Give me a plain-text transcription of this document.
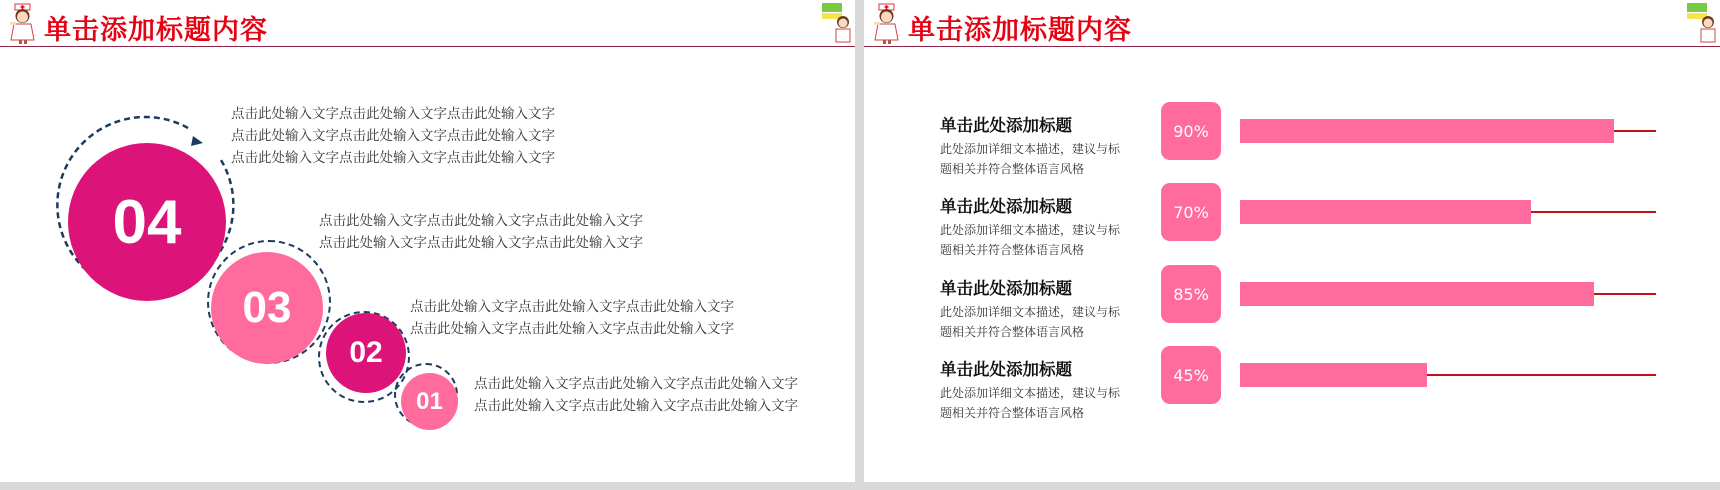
单击添加标题内容
04
03
02
01
点击此处输入文字点击此处输入文字点击此处输入文字
点击此处输入文字点击此处输入文字点击此处输入文字
点击此处输入文字点击此处输入文字点击此处输入文字
点击此处输入文字点击此处输入文字点击此处输入文字
点击此处输入文字点击此处输入文字点击此处输入文字
点击此处输入文字点击此处输入文字点击此处输入文字
点击此处输入文字点击此处输入文字点击此处输入文字
点击此处输入文字点击此处输入文字点击此处输入文字
点击此处输入文字点击此处输入文字点击此处输入文字
单击添加标题内容
单击此处添加标题
此处添加详细文本描述，建议与标
题相关并符合整体语言风格
90%
单击此处添加标题
此处添加详细文本描述，建议与标
题相关并符合整体语言风格
70%
单击此处添加标题
此处添加详细文本描述，建议与标
题相关并符合整体语言风格
85%
单击此处添加标题
此处添加详细文本描述，建议与标
题相关并符合整体语言风格
45%
